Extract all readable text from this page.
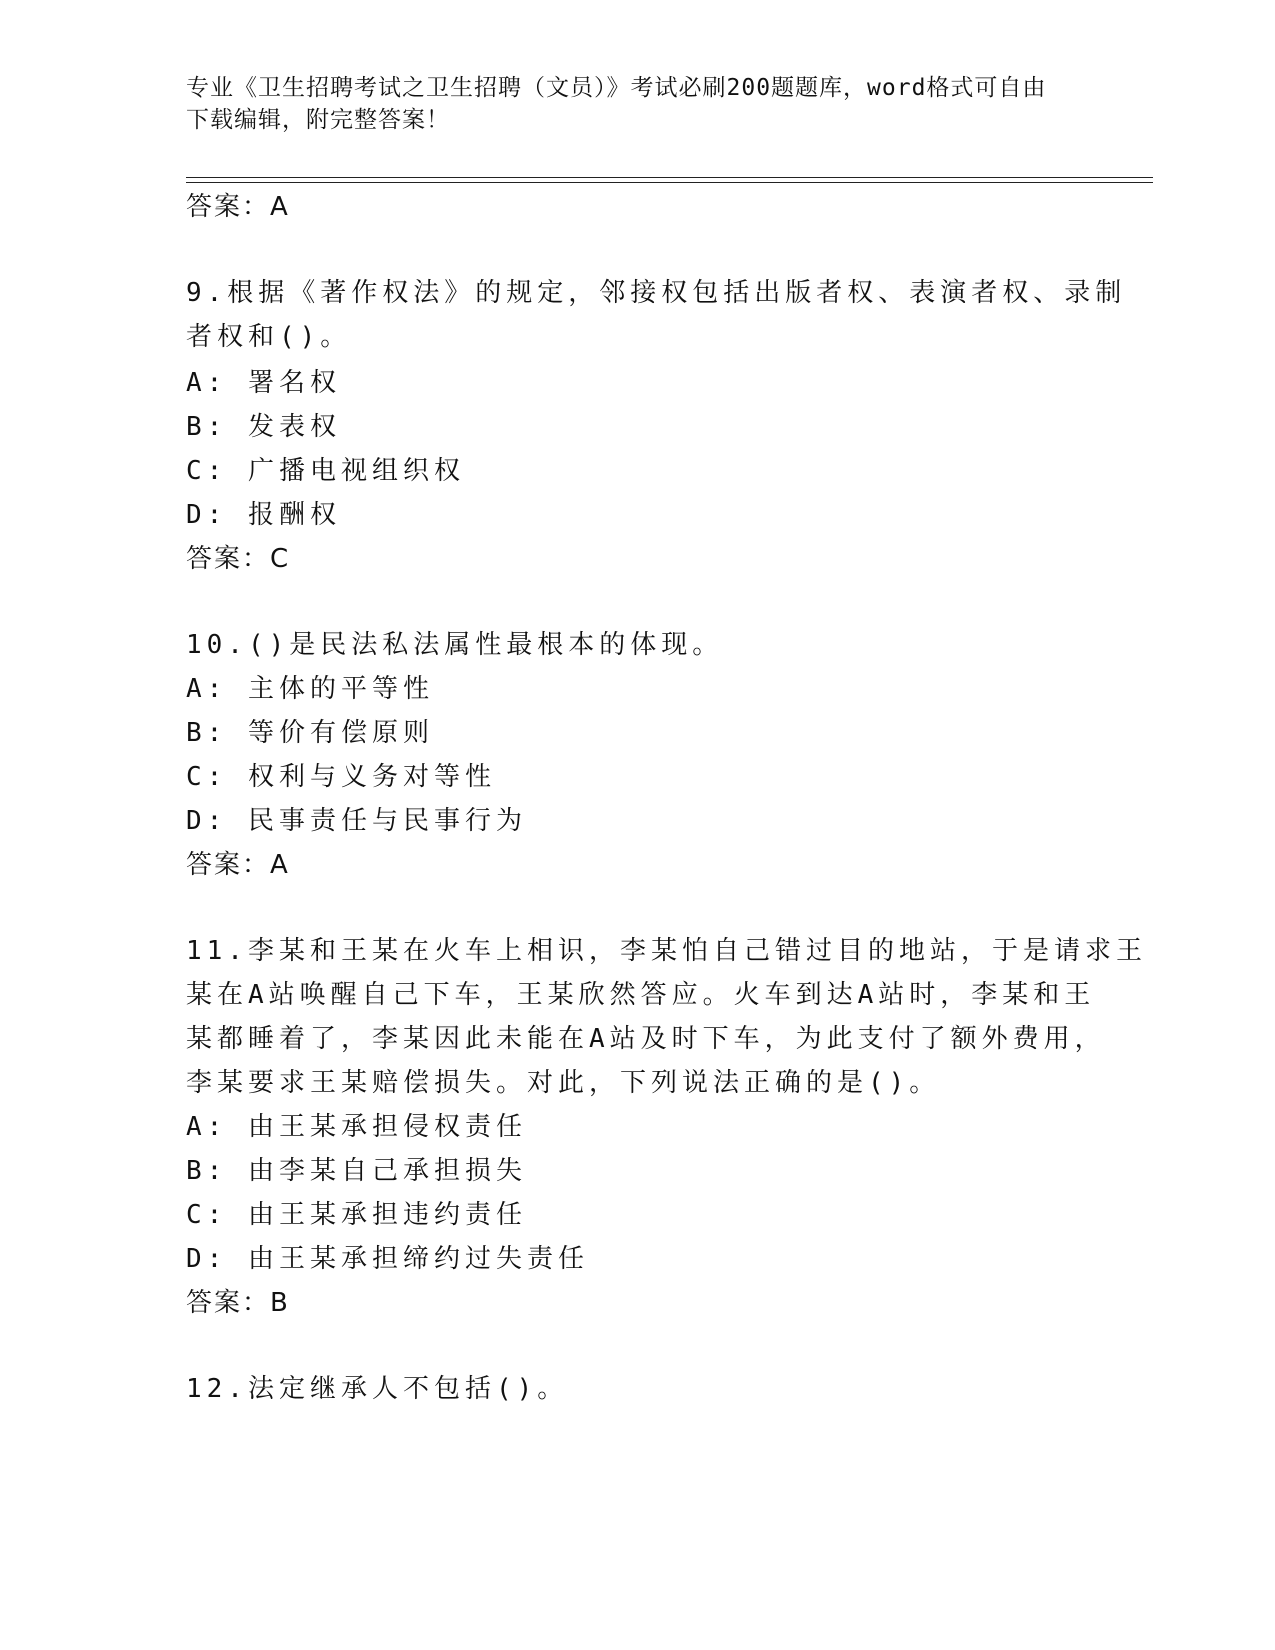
专业《卫生招聘考试之卫生招聘（文员）》考试必刷200题题库，word格式可自由下载编辑，附完整答案！
答案：A
9.根据《著作权法》的规定，邻接权包括出版者权、表演者权、录制
者权和()。
A: 署名权
B: 发表权
C: 广播电视组织权
D: 报酬权
答案：C
10.()是民法私法属性最根本的体现。
A: 主体的平等性
B: 等价有偿原则
C: 权利与义务对等性
D: 民事责任与民事行为
答案：A
11.李某和王某在火车上相识，李某怕自己错过目的地站，于是请求王
某在A站唤醒自己下车，王某欣然答应。火车到达A站时，李某和王
某都睡着了，李某因此未能在A站及时下车，为此支付了额外费用，
李某要求王某赔偿损失。对此，下列说法正确的是()。
A: 由王某承担侵权责任
B: 由李某自己承担损失
C: 由王某承担违约责任
D: 由王某承担缔约过失责任
答案：B
12.法定继承人不包括()。
